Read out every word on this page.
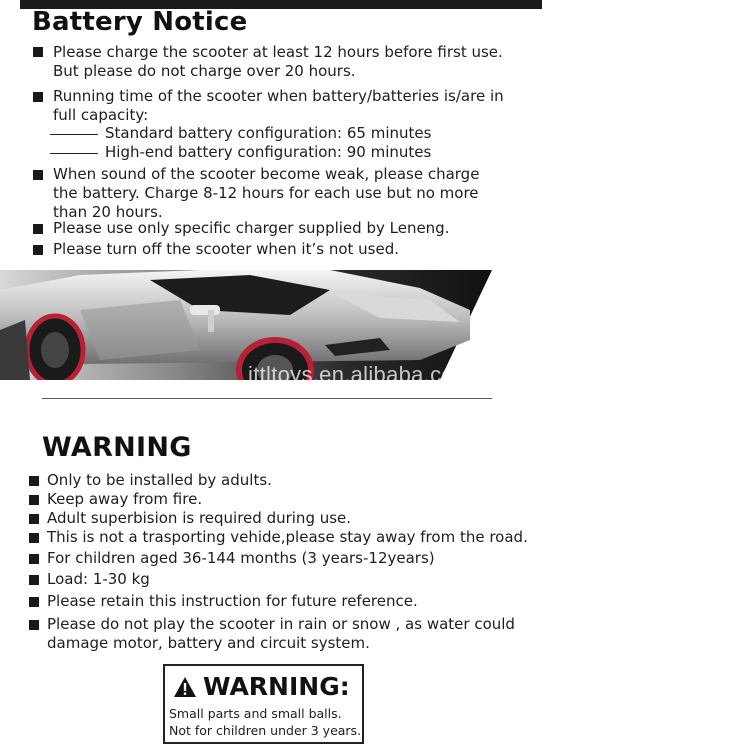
Battery Notice
Please charge the scooter at least 12 hours before first use.
But please do not charge over 20 hours.
Running time of the scooter when battery/batteries is/are in
full capacity:
Standard battery configuration: 65 minutes
High-end battery configuration: 90 minutes
When sound of the scooter become weak, please charge
the battery. Charge 8-12 hours for each use but no more
than 20 hours.
Please use only specific charger supplied by Leneng.
Please turn off the scooter when it’s not used.
ittltoys.en.alibaba.com
WARNING
Only to be installed by adults.
Keep away from fire.
Adult superbision is required during use.
This is not a trasporting vehide,please stay away from the road.
For children aged 36-144 months (3 years-12years)
Load: 1-30 kg
Please retain this instruction for future reference.
Please do not play the scooter in rain or snow , as water could
damage motor, battery and circuit system.
WARNING:
Small parts and small balls.
Not for children under 3 years.
